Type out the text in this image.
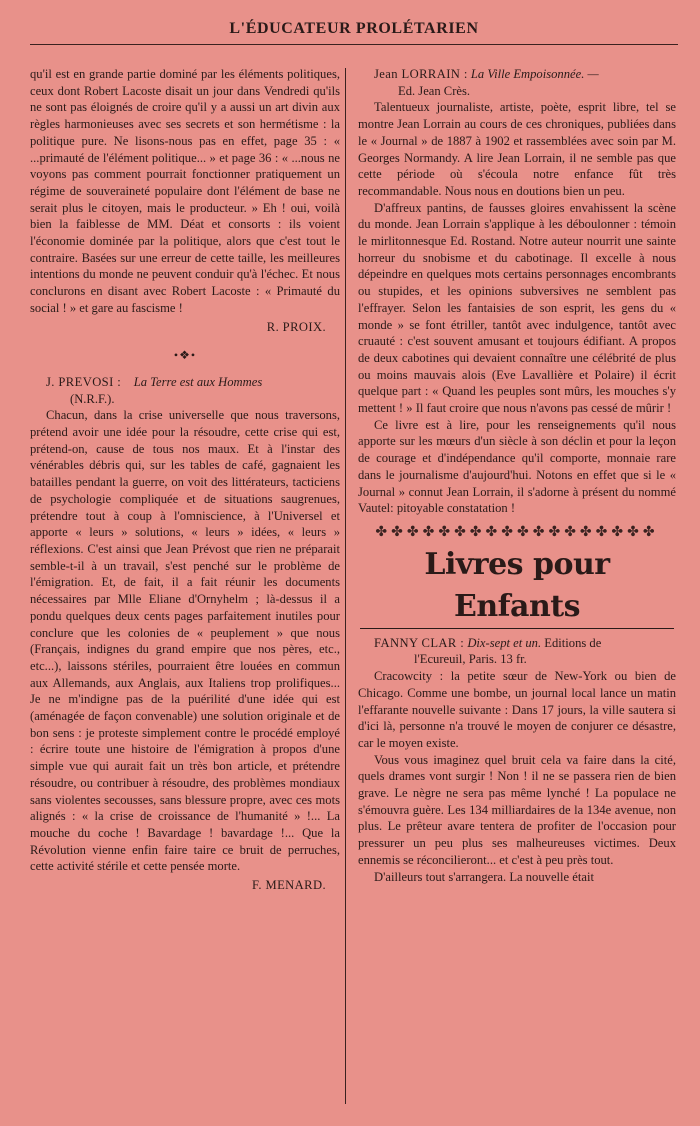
L'ÉDUCATEUR PROLÉTARIEN

qu'il est en grande partie dominé par les éléments politiques, ceux dont Robert Lacoste disait un jour dans Vendredi qu'ils ne sont pas éloignés de croire qu'il y a aussi un art divin aux règles harmonieuses avec ses secrets et son hermétisme : la politique pure. Ne lisons-nous pas en effet, page 35 : « ...primauté de l'élément politique... » et page 36 : « ...nous ne voyons pas comment pourrait fonctionner pratiquement un régime de souveraineté populaire dont l'élément de base ne serait plus le citoyen, mais le producteur. » Eh ! oui, voilà bien la faiblesse de MM. Déat et consorts : ils voient l'économie dominée par la politique, alors que c'est tout le contraire. Basées sur une erreur de cette taille, les meilleures intentions du monde ne peuvent conduir qu'à l'échec. Et nous conclurons en disant avec Robert Lacoste : « Primauté du social ! » et gare au fascisme !

R. PROIX.
•❖•

J. PREVOSI : La Terre est aux Hommes
(N.R.F.).

Chacun, dans la crise universelle que nous traversons, prétend avoir une idée pour la résoudre, cette crise qui est, prétend-on, cause de tous nos maux. Et à l'instar des vénérables débris qui, sur les tables de café, gagnaient les batailles pendant la guerre, on voit des littérateurs, tacticiens de psychologie compliquée et de situations saugrenues, prétendre tout à coup à l'omniscience, à l'Universel et apporte « leurs » solutions, « leurs » idées, « leurs » réflexions. C'est ainsi que Jean Prévost que rien ne préparait semble-t-il à un travail, s'est penché sur le problème de l'émigration. Et, de fait, il a fait réunir les documents nécessaires par Mlle Eliane d'Ornyhelm ; là-dessus il a pondu quelques deux cents pages parfaitement inutiles pour conclure que les colonies de « peuplement » que nous (Français, indignes du grand empire que nos pères, etc., etc...), laissons stériles, pourraient être louées en commun aux Allemands, aux Anglais, aux Italiens trop prolifiques... Je ne m'indigne pas de la puérilité d'une idée qui est (aménagée de façon convenable) une solution originale et de bon sens : je proteste simplement contre le procédé employé : écrire toute une histoire de l'émigration à propos d'une simple vue qui aurait fait un très bon article, et prétendre résoudre, ou contribuer à résoudre, des problèmes mondiaux sans violentes secousses, sans blessure propre, avec ces mots alignés : « la crise de croissance de l'humanité » !... La mouche du coche ! Bavardage ! bavardage !... Que la Révolution vienne enfin faire taire ce bruit de perruches, cette activité stérile et cette pensée morte.

F. MENARD.

Jean LORRAIN : La Ville Empoisonnée. —
Ed. Jean Crès.

Talentueux journaliste, artiste, poète, esprit libre, tel se montre Jean Lorrain au cours de ces chroniques, publiées dans le « Journal » de 1887 à 1902 et rassemblées avec soin par M. Georges Normandy. A lire Jean Lorrain, il ne semble pas que cette période où s'écoula notre enfance fût très recommandable. Nous nous en doutions bien un peu.

D'affreux pantins, de fausses gloires envahissent la scène du monde. Jean Lorrain s'applique à les déboulonner : témoin le mirlitonnesque Ed. Rostand. Notre auteur nourrit une sainte horreur du snobisme et du cabotinage. Il excelle à nous dépeindre en quelques mots certains personnages encombrants ou stupides, et les opinions subversives ne semblent pas l'effrayer. Selon les fantaisies de son esprit, les gens du « monde » se font étriller, tantôt avec indulgence, tantôt avec cruauté : c'est souvent amusant et toujours édifiant. A propos de deux cabotines qui devaient connaître une célébrité de plus ou moins mauvais alois (Eve Lavallière et Polaire) il écrit quelque part : « Quand les peuples sont mûrs, les mouches s'y mettent ! » Il faut croire que nous n'avons pas cessé de mûrir !

Ce livre est à lire, pour les renseignements qu'il nous apporte sur les mœurs d'un siècle à son déclin et pour la leçon de courage et d'indépendance qu'il comporte, monnaie rare dans le journalisme d'aujourd'hui. Notons en effet que si le « Journal » connut Jean Lorrain, il s'adorne à présent du nommé Vautel: pitoyable constatation !

✤✤✤✤✤✤✤✤✤✤✤✤✤✤✤✤✤✤
Livres pour Enfants

FANNY CLAR : Dix-sept et un. Editions de
l'Ecureuil, Paris. 13 fr.

Cracowcity : la petite sœur de New-York ou bien de Chicago. Comme une bombe, un journal local lance un matin l'effarante nouvelle suivante : Dans 17 jours, la ville sautera si d'ici là, personne n'a trouvé le moyen de conjurer ce désastre, car le moyen existe.

Vous vous imaginez quel bruit cela va faire dans la cité, quels drames vont surgir ! Non ! il ne se passera rien de bien grave. Le nègre ne sera pas même lynché ! La populace ne s'émouvra guère. Les 134 milliardaires de la 134e avenue, non plus. Le prêteur avare tentera de profiter de l'occasion pour pressurer un peu plus ses malheureuses victimes. Deux ennemis se réconcilieront... et c'est à peu près tout.

D'ailleurs tout s'arrangera. La nouvelle était
